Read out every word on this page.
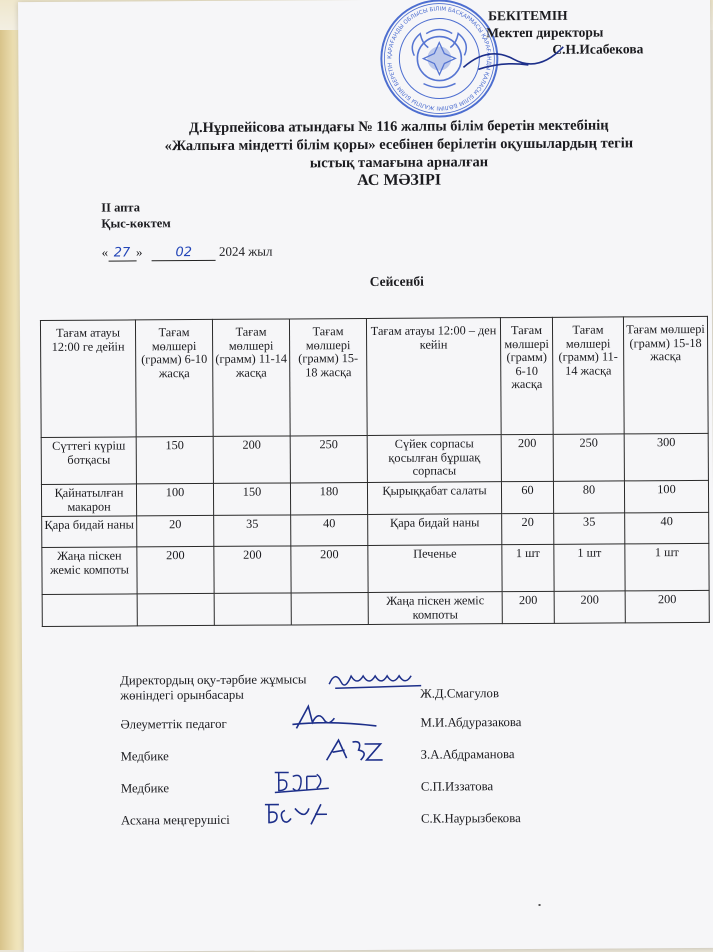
ҚАРАҒАНДЫ ОБЛЫСЫ БІЛІМ БАСҚАРМАСЫ ҚАРАҒАНДЫ ҚАЛАСЫ БІЛІМ БӨЛІМІ ЖАЛПЫ БІЛІМ БЕРЕТІН
БЕКІТЕМІН
Мектеп директоры
С.Н.Исабекова
Д.Нұрпейісова атындағы № 116 жалпы білім беретін мектебінің
«Жалпыға міндетті білім қоры» есебінен берілетін оқушылардың тегін
ыстық тамағына арналған
АС МӘЗІРІ
ІІ апта
Қыс-көктем
« 27 »	02 2024 жыл
Сейсенбі
Тағам атауы 12:00 ге дейін	Тағам мөлшері (грамм) 6-10 жасқа	Тағам мөлшері (грамм) 11-14 жасқа	Тағам мөлшері (грамм) 15-18 жасқа	Тағам атауы 12:00 – ден кейін	Тағам мөлшері (грамм) 6-10 жасқа	Тағам мөлшері (грамм) 11-14 жасқа	Тағам мөлшері (грамм) 15-18 жасқа
Сүттегі күріш ботқасы	150	200	250	Сүйек сорпасы қосылған бұршақ сорпасы	200	250	300
Қайнатылған макарон	100	150	180	Қырыққабат салаты	60	80	100
Қара бидай наны	20	35	40	Қара бидай наны	20	35	40
Жаңа піскен жеміс компоты	200	200	200	Печенье	1 шт	1 шт	1 шт
				Жаңа піскен жеміс компоты	200	200	200
Директордың оқу-тәрбие жұмысы жөніндегі орынбасары	Ж.Д.Смагулов
Әлеуметтік педагог	М.И.Абдуразакова
Медбике	З.А.Абдраманова
Медбике	С.П.Иззатова
Асхана меңгерушісі	С.К.Наурызбекова
